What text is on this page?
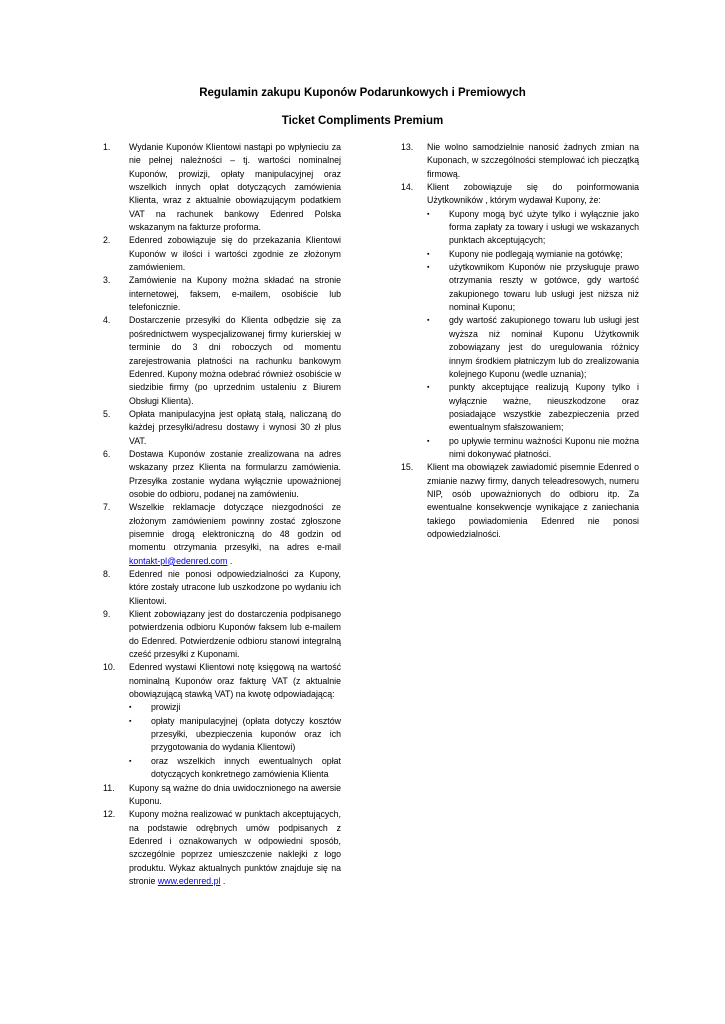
Regulamin zakupu Kuponów Podarunkowych i Premiowych
Ticket Compliments Premium
1.	Wydanie Kuponów Klientowi nastąpi po wpłynieciu za nie pełnej należności – tj. wartości nominalnej Kuponów, prowizji, opłaty manipulacyjnej oraz wszelkich innych opłat dotyczących zamówienia Klienta, wraz z aktualnie obowiązującym podatkiem VAT na rachunek bankowy Edenred Polska wskazanym na fakturze proforma.
2.	Edenred zobowiązuje się do przekazania Klientowi Kuponów w ilości i wartości zgodnie ze złożonym zamówieniem.
3.	Zamówienie na Kupony można składać na stronie internetowej, faksem, e-mailem, osobiście lub telefonicznie.
4.	Dostarczenie przesyłki do Klienta odbędzie się za pośrednictwem wyspecjalizowanej firmy kurierskiej w terminie do 3 dni roboczych od momentu zarejestrowania płatności na rachunku bankowym Edenred. Kupony można odebrać również osobiście w siedzibie firmy (po uprzednim ustaleniu z Biurem Obsługi Klienta).
5.	Opłata manipulacyjna jest opłatą stałą, naliczaną do każdej przesyłki/adresu dostawy i wynosi 30 zł plus VAT.
6.	Dostawa Kuponów zostanie zrealizowana na adres wskazany przez Klienta na formularzu zamówienia. Przesyłka zostanie wydana wyłącznie upoważnionej osobie do odbioru, podanej na zamówieniu.
7.	Wszelkie reklamacje dotyczące niezgodności ze złożonym zamówieniem powinny zostać zgłoszone pisemnie drogą elektroniczną do 48 godzin od momentu otrzymania przesyłki, na adres e-mail kontakt-pl@edenred.com .
8.	Edenred nie ponosi odpowiedzialności za Kupony, które zostały utracone lub uszkodzone po wydaniu ich Klientowi.
9.	Klient zobowiązany jest do dostarczenia podpisanego potwierdzenia odbioru Kuponów faksem lub e-mailem do Edenred. Potwierdzenie odbioru stanowi integralną cześć przesyłki z Kuponami.
10.	Edenred wystawi Klientowi notę księgową na wartość nominalną Kuponów oraz fakturę VAT (z aktualnie obowiązującą stawką VAT) na kwotę odpowiadającą:
▪ prowizji
▪ opłaty manipulacyjnej (opłata dotyczy kosztów przesyłki, ubezpieczenia kuponów oraz ich przygotowania do wydania Klientowi)
▪ oraz wszelkich innych ewentualnych opłat dotyczących konkretnego zamówienia Klienta
11.	Kupony są ważne do dnia uwidocznionego na awersie Kuponu.
12.	Kupony można realizować w punktach akceptujących, na podstawie odrębnych umów podpisanych z Edenred i oznakowanych w odpowiedni sposób, szczególnie poprzez umieszczenie naklejki z logo produktu. Wykaz aktualnych punktów znajduje się na stronie www.edenred.pl .
13.	Nie wolno samodzielnie nanosić żadnych zmian na Kuponach, w szczególności stemplować ich pieczątką firmową.
14.	Klient zobowiązuje się do poinformowania Użytkowników , którym wydawał Kupony, że:
▪ Kupony mogą być użyte tylko i wyłącznie jako forma zapłaty za towary i usługi we wskazanych punktach akceptujących;
▪ Kupony nie podlegają wymianie na gotówkę;
▪ użytkownikom Kuponów nie przysługuje prawo otrzymania reszty w gotówce, gdy wartość zakupionego towaru lub usługi jest niższa niż nominał Kuponu;
▪ gdy wartość zakupionego towaru lub usługi jest wyższa niż nominał Kuponu Użytkownik zobowiązany jest do uregulowania różnicy innym środkiem płatniczym lub do zrealizowania kolejnego Kuponu (wedle uznania);
▪ punkty akceptujące realizują Kupony tylko i wyłącznie ważne, nieuszkodzone oraz posiadające wszystkie zabezpieczenia przed ewentualnym sfałszowaniem;
▪ po upływie terminu ważności Kuponu nie można nimi dokonywać płatności.
15.	Klient ma obowiązek zawiadomić pisemnie Edenred o zmianie nazwy firmy, danych teleadresowych, numeru NIP, osób upoważnionych do odbioru itp. Za ewentualne konsekwencje wynikające z zaniechania takiego powiadomienia Edenred nie ponosi odpowiedzialności.
